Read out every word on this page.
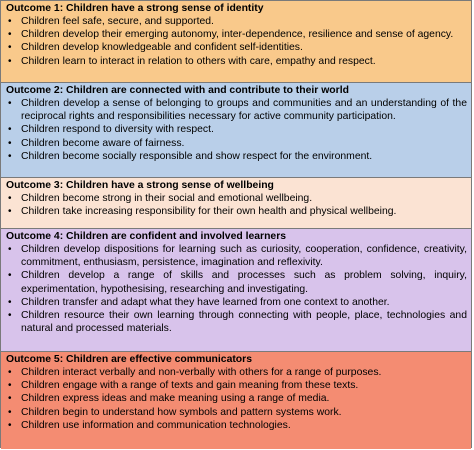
Outcome 1: Children have a strong sense of identity
• Children feel safe, secure, and supported.
• Children develop their emerging autonomy, inter-dependence, resilience and sense of agency.
• Children develop knowledgeable and confident self-identities.
• Children learn to interact in relation to others with care, empathy and respect.
Outcome 2: Children are connected with and contribute to their world
• Children develop a sense of belonging to groups and communities and an understanding of the reciprocal rights and responsibilities necessary for active community participation.
• Children respond to diversity with respect.
• Children become aware of fairness.
• Children become socially responsible and show respect for the environment.
Outcome 3: Children have a strong sense of wellbeing
• Children become strong in their social and emotional wellbeing.
• Children take increasing responsibility for their own health and physical wellbeing.
Outcome 4: Children are confident and involved learners
• Children develop dispositions for learning such as curiosity, cooperation, confidence, creativity, commitment, enthusiasm, persistence, imagination and reflexivity.
• Children develop a range of skills and processes such as problem solving, inquiry, experimentation, hypothesising, researching and investigating.
• Children transfer and adapt what they have learned from one context to another.
• Children resource their own learning through connecting with people, place, technologies and natural and processed materials.
Outcome 5: Children are effective communicators
• Children interact verbally and non-verbally with others for a range of purposes.
• Children engage with a range of texts and gain meaning from these texts.
• Children express ideas and make meaning using a range of media.
• Children begin to understand how symbols and pattern systems work.
• Children use information and communication technologies.
